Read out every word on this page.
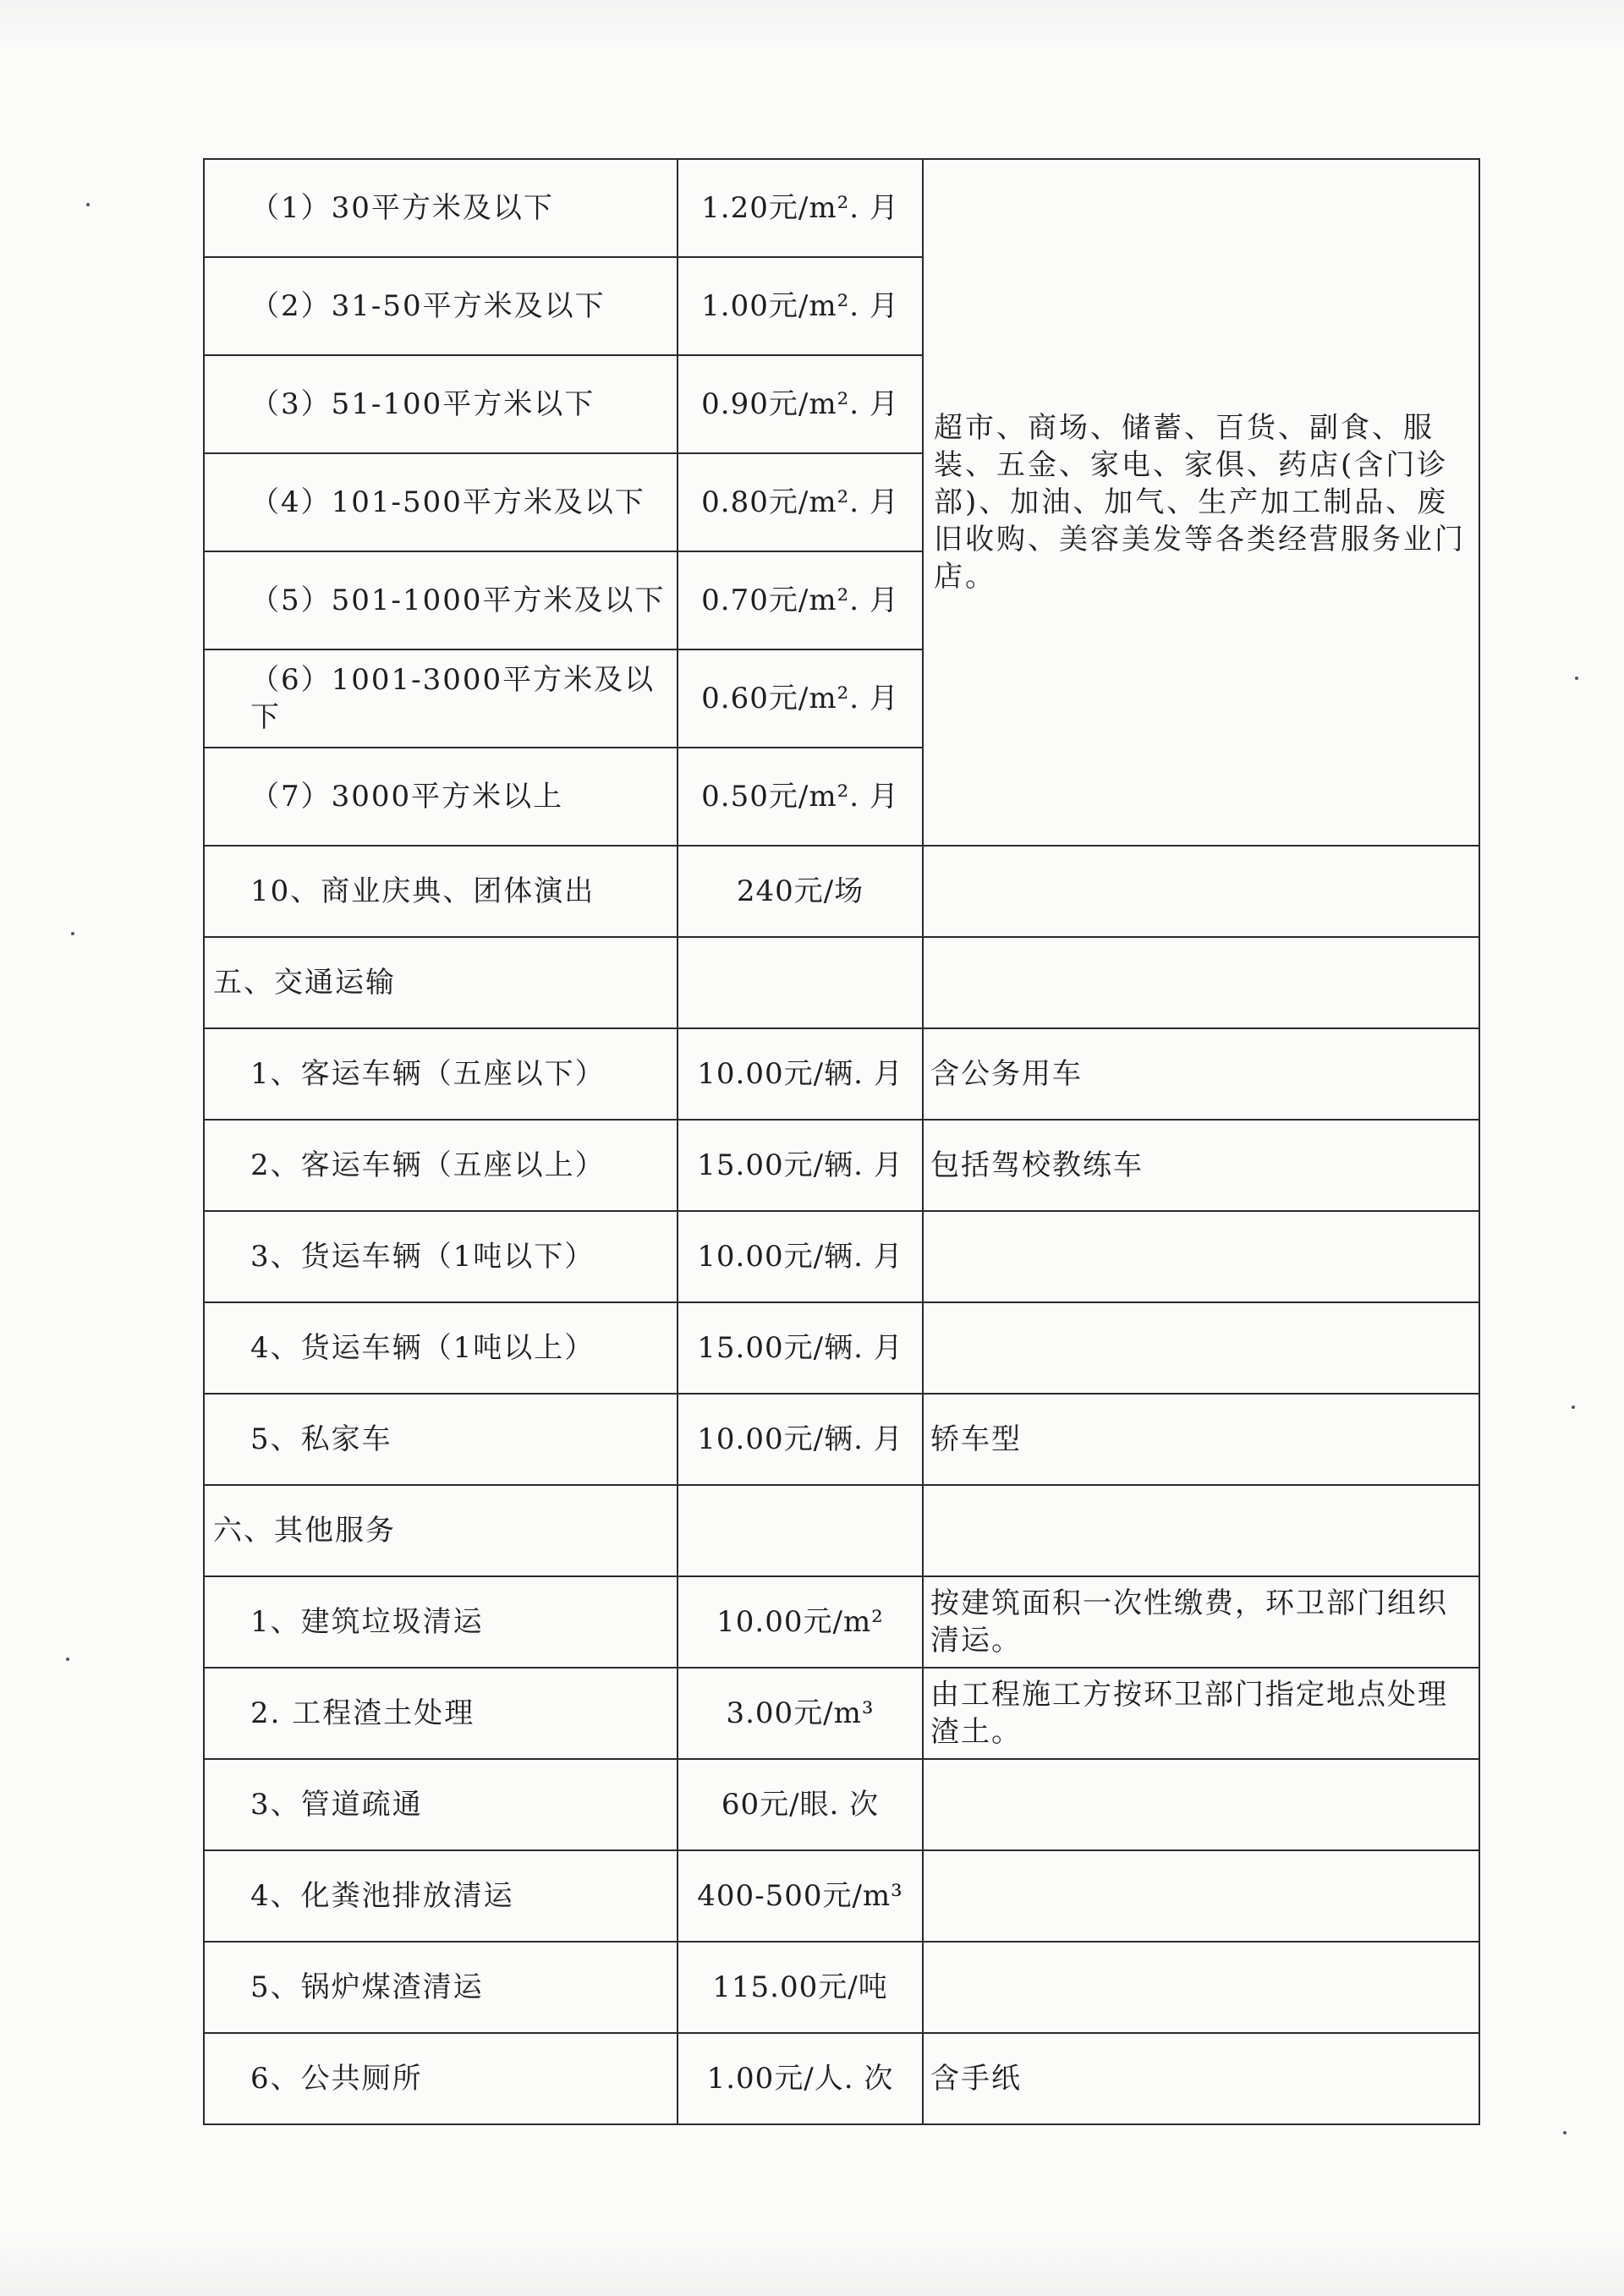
（1）30平方米及以下	1.20元/m². 月	超市、商场、储蓄、百货、副食、服装、五金、家电、家俱、药店(含门诊部)、加油、加气、生产加工制品、废旧收购、美容美发等各类经营服务业门店。
（2）31-50平方米及以下	1.00元/m². 月	
（3）51-100平方米以下	0.90元/m². 月	
（4）101-500平方米及以下	0.80元/m². 月	
（5）501-1000平方米及以下	0.70元/m². 月	
（6）1001-3000平方米及以下	0.60元/m². 月	
（7）3000平方米以上	0.50元/m². 月	
10、商业庆典、团体演出	240元/场	
五、交通运输		
1、客运车辆（五座以下）	10.00元/辆. 月	含公务用车
2、客运车辆（五座以上）	15.00元/辆. 月	包括驾校教练车
3、货运车辆（1吨以下）	10.00元/辆. 月	
4、货运车辆（1吨以上）	15.00元/辆. 月	
5、私家车	10.00元/辆. 月	轿车型
六、其他服务		
1、建筑垃圾清运	10.00元/m²	按建筑面积一次性缴费，环卫部门组织清运。
2. 工程渣土处理	3.00元/m³	由工程施工方按环卫部门指定地点处理渣土。
3、管道疏通	60元/眼. 次	
4、化粪池排放清运	400-500元/m³	
5、锅炉煤渣清运	115.00元/吨	
6、公共厕所	1.00元/人. 次	含手纸
